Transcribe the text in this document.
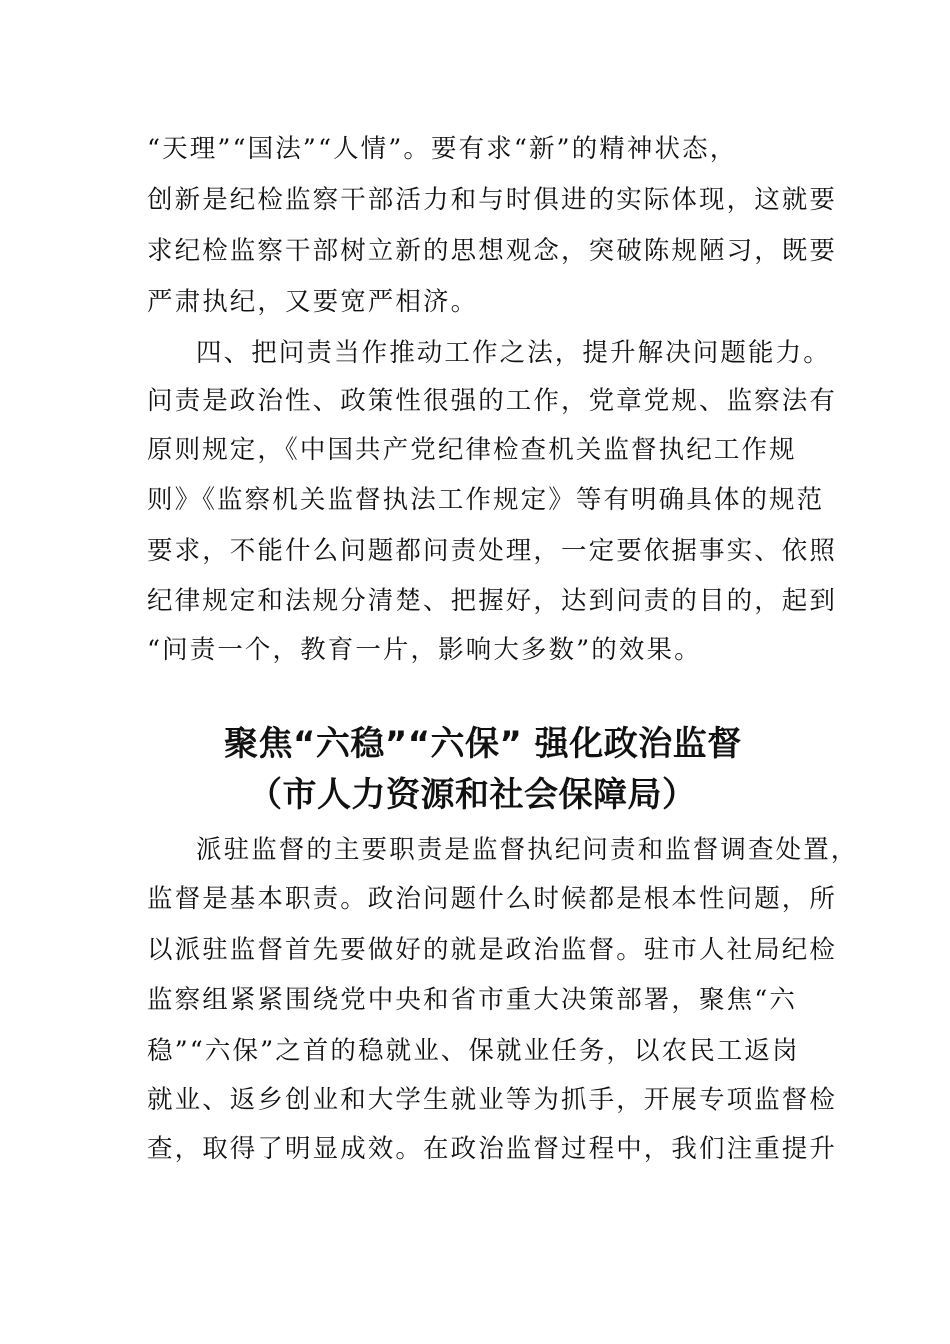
“天理”“国法”“人情”。要有求“新”的精神状态，
创新是纪检监察干部活力和与时俱进的实际体现，这就要
求纪检监察干部树立新的思想观念，突破陈规陋习，既要
严肃执纪，又要宽严相济。
四、把问责当作推动工作之法，提升解决问题能力。
问责是政治性、政策性很强的工作，党章党规、监察法有
原则规定，《中国共产党纪律检查机关监督执纪工作规
则》《监察机关监督执法工作规定》等有明确具体的规范
要求，不能什么问题都问责处理，一定要依据事实、依照
纪律规定和法规分清楚、把握好，达到问责的目的，起到
“问责一个，教育一片，影响大多数”的效果。
聚焦“六稳”“六保” 强化政治监督
（市人力资源和社会保障局）
派驻监督的主要职责是监督执纪问责和监督调查处置，
监督是基本职责。政治问题什么时候都是根本性问题，所
以派驻监督首先要做好的就是政治监督。驻市人社局纪检
监察组紧紧围绕党中央和省市重大决策部署，聚焦“六
稳”“六保”之首的稳就业、保就业任务，以农民工返岗
就业、返乡创业和大学生就业等为抓手，开展专项监督检
查，取得了明显成效。在政治监督过程中，我们注重提升
